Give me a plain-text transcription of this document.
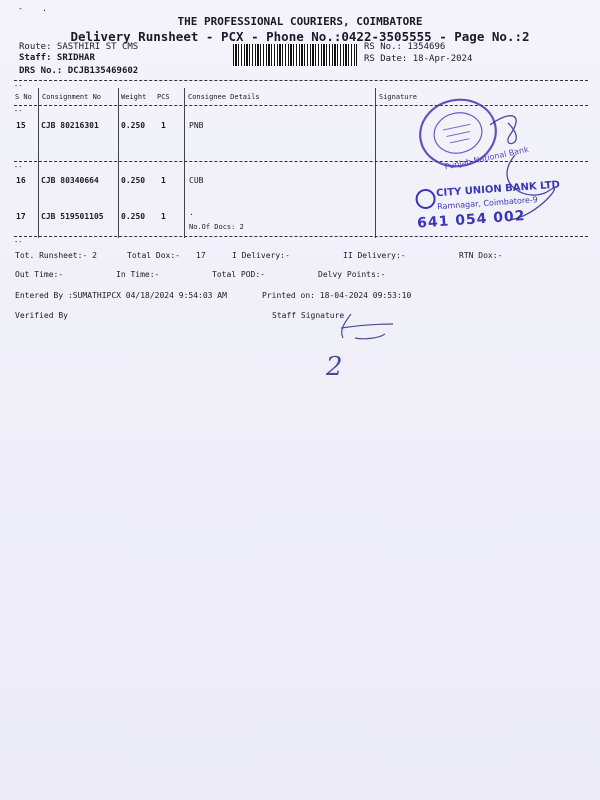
-    .
THE PROFESSIONAL COURIERS, COIMBATORE
Delivery Runsheet - PCX - Phone No.:0422-3505555 - Page No.:2
Route: SASTHIRI ST CMS
Staff: SRIDHAR
DRS No.: DCJB135469602
RS No.: 1354696
RS Date: 18-Apr-2024
--
S No Consignment No	Weight PCS	Consignee Details	Signature
--
15 CJB 80216301	0.250 1	PNB
--
16 CJB 80340664	0.250 1	CUB
17 CJB 519501105 0.250 1	.
No.Of Docs: 2
--
Tot. Runsheet:- 2	Total Dox:- 17	I Delivery:-	II Delivery:-	RTN Dox:-
Out Time:-	In Time:-	Total POD:-	Delvy Points:-
Entered By :SUMATHIPCX 04/18/2024 9:54:03 AM	Printed on: 18-04-2024 09:53:10
Verified By	Staff Signature
Punjab National Bank
CITY UNION BANK LTD
Ramnagar, Coimbatore-9
641 054 002
2
